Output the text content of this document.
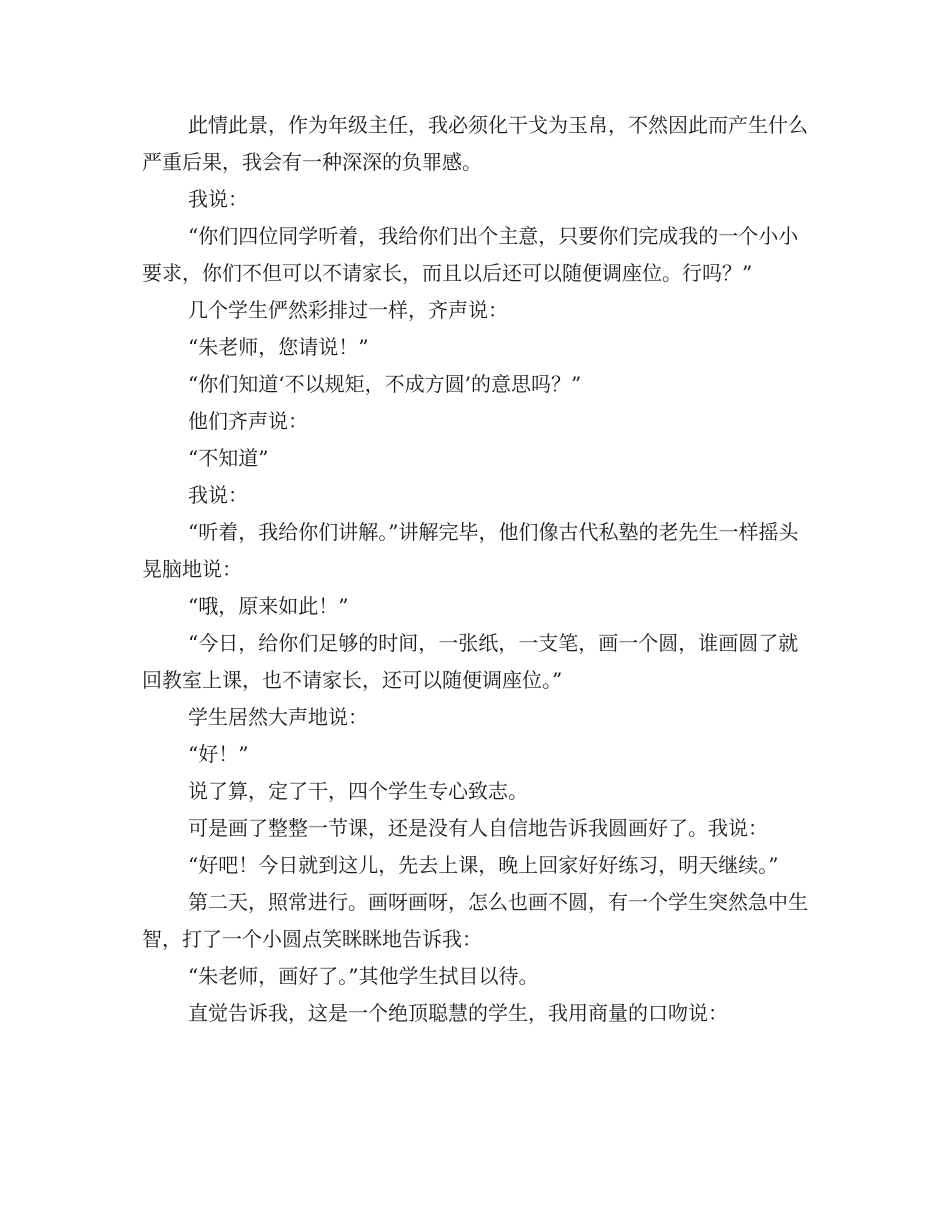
此情此景，作为年级主任，我必须化干戈为玉帛，不然因此而产生什么严重后果，我会有一种深深的负罪感。

我说：

“你们四位同学听着，我给你们出个主意，只要你们完成我的一个小小要求，你们不但可以不请家长，而且以后还可以随便调座位。行吗？”

几个学生俨然彩排过一样，齐声说：

“朱老师，您请说！”

“你们知道‘不以规矩，不成方圆’的意思吗？”

他们齐声说：

“不知道”

我说：

“听着，我给你们讲解。”讲解完毕，他们像古代私塾的老先生一样摇头晃脑地说：

“哦，原来如此！”

“今日，给你们足够的时间，一张纸，一支笔，画一个圆，谁画圆了就回教室上课，也不请家长，还可以随便调座位。”

学生居然大声地说：

“好！”

说了算，定了干，四个学生专心致志。

可是画了整整一节课，还是没有人自信地告诉我圆画好了。我说：

“好吧！今日就到这儿，先去上课，晚上回家好好练习，明天继续。”

第二天，照常进行。画呀画呀，怎么也画不圆，有一个学生突然急中生智，打了一个小圆点笑眯眯地告诉我：

“朱老师，画好了。”其他学生拭目以待。

直觉告诉我，这是一个绝顶聪慧的学生，我用商量的口吻说：
